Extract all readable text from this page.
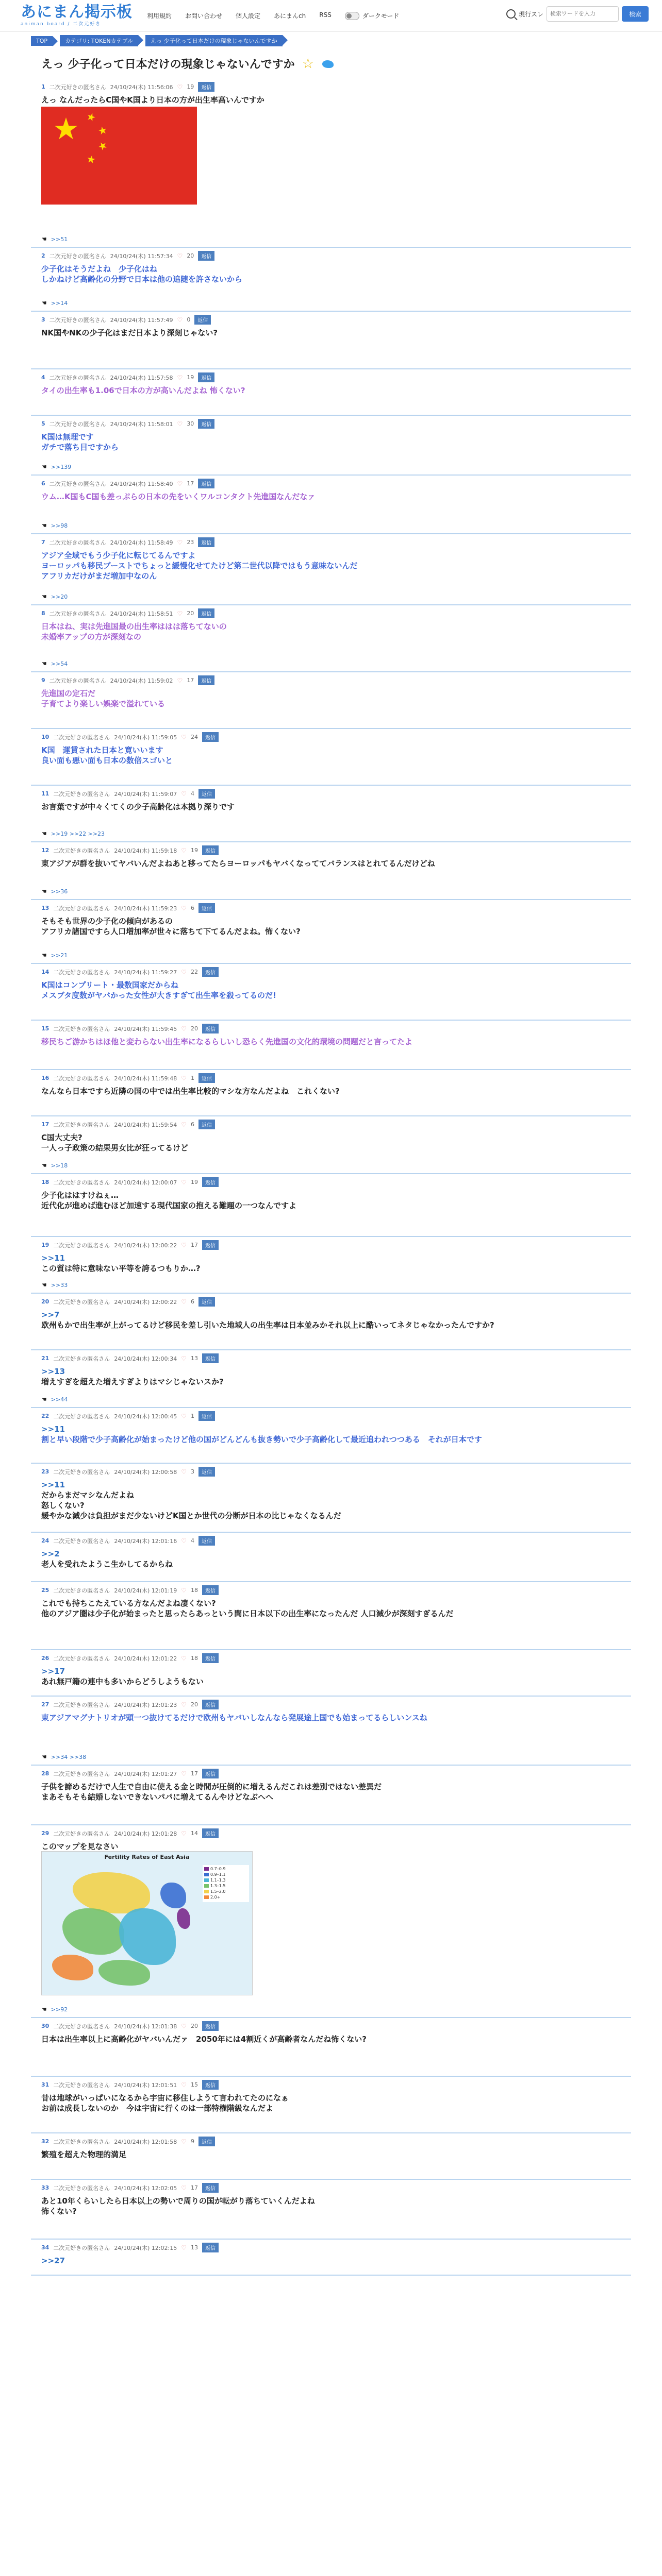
あにまん掲示板
animan board / 二次元好き
利用規約 お問い合わせ 個人設定 あにまんch RSS	ダークモード	現行スレ
検索ワードを入力	検索
TOP	カテゴリ: TOKENカテブル	えっ 少子化って日本だけの現象じゃないんですか
えっ 少子化って日本だけの現象じゃないんですか ☆
1 二次元好きの匿名さん 24/10/24(木) 11:56:06 ♡ 19	返信
えっ なんだったらC国やK国より日本の方が出生率高いんですか
★ ★
★
★
★
☚ >>51
2 二次元好きの匿名さん 24/10/24(木) 11:57:34 ♡ 20	返信
少子化はそうだよね　少子化はね
しかねけど高齢化の分野で日本は他の追随を許さないから
☚ >>14
3 二次元好きの匿名さん 24/10/24(木) 11:57:49 ♡ 0	返信
NK国やNKの少子化はまだ日本より深刻じゃない?
4 二次元好きの匿名さん 24/10/24(木) 11:57:58 ♡ 19	返信
タイの出生率も1.06で日本の方が高いんだよね 怖くない?
5 二次元好きの匿名さん 24/10/24(木) 11:58:01 ♡ 30	返信
K国は無理です
ガチで落ち目ですから
☚ >>139
6 二次元好きの匿名さん 24/10/24(木) 11:58:40 ♡ 17	返信
ウム…K国もC国も差っぷらの日本の先をいくワルコンタクト先進国なんだなァ
☚ >>98
7 二次元好きの匿名さん 24/10/24(木) 11:58:49 ♡ 23	返信
アジア全域でもう少子化に転じてるんですよ
ヨーロッパも移民ブーストでちょっと緩慢化せてたけど第二世代以降ではもう意味ないんだ
アフリカだけがまだ増加中なのん
☚ >>20
8 二次元好きの匿名さん 24/10/24(木) 11:58:51 ♡ 20	返信
日本はね、実は先進国最の出生率ははは落ちてないの
未婚率アップの方が深刻なの
☚ >>54
9 二次元好きの匿名さん 24/10/24(木) 11:59:02 ♡ 17	返信
先進国の定石だ
子育てより楽しい娯楽で溢れている
10 二次元好きの匿名さん 24/10/24(木) 11:59:05 ♡ 24	返信
K国　運賃された日本と寛いいます
良い面も悪い面も日本の数倍スゴいと
11 二次元好きの匿名さん 24/10/24(木) 11:59:07 ♡ 4	返信
お言葉ですが中々くてくの少子高齢化は本拠り深りです
☚ >>19 >>22 >>23
12 二次元好きの匿名さん 24/10/24(木) 11:59:18 ♡ 19	返信
東アジアが群を抜いてヤバいんだよねあと移ってたらヨーロッパもヤバくなっててバランスはとれてるんだけどね
☚ >>36
13 二次元好きの匿名さん 24/10/24(木) 11:59:23 ♡ 6	返信
そもそも世界の少子化の傾向があるの
アフリカ諸国ですら人口増加率が世々に落ちて下てるんだよね。怖くない?
☚ >>21
14 二次元好きの匿名さん 24/10/24(木) 11:59:27 ♡ 22	返信
K国はコンプリート・最数国家だからね
メスブタ度数がヤバかった女性が大きすぎて出生率を殺ってるのだ!
15 二次元好きの匿名さん 24/10/24(木) 11:59:45 ♡ 20	返信
移民ちご游かちはほ他と変わらない出生率になるらしいし恐らく先進国の文化的環境の問題だと言ってたよ
16 二次元好きの匿名さん 24/10/24(木) 11:59:48 ♡ 1	返信
なんなら日本ですら近隣の国の中では出生率比較的マシな方なんだよね　これくない?
17 二次元好きの匿名さん 24/10/24(木) 11:59:54 ♡ 6	返信
C国大丈夫?
一人っ子政策の結果男女比が狂ってるけど
☚ >>18
18 二次元好きの匿名さん 24/10/24(木) 12:00:07 ♡ 19	返信
少子化ははすけねぇ…
近代化が進めば進むほど加速する現代国家の抱える難題の一つなんですよ
19 二次元好きの匿名さん 24/10/24(木) 12:00:22 ♡ 17	返信
>>11
この質は特に意味ない平等を誇るつもりか…?
☚ >>33
20 二次元好きの匿名さん 24/10/24(木) 12:00:22 ♡ 6	返信
>>7
欧州もかで出生率が上がってるけど移民を差し引いた地域人の出生率は日本並みかそれ以上に酷いってネタじゃなかったんですか?
21 二次元好きの匿名さん 24/10/24(木) 12:00:34 ♡ 13	返信
>>13
増えすぎを超えた増えすぎよりはマシじゃないスか?
☚ >>44
22 二次元好きの匿名さん 24/10/24(木) 12:00:45 ♡ 1	返信
>>11
割と早い段階で少子高齢化が始まったけど他の国がどんどんも抜き勢いで少子高齢化して最近追われつつある　それが日本です
23 二次元好きの匿名さん 24/10/24(木) 12:00:58 ♡ 3	返信
>>11
だからまだマシなんだよね
怒しくない?
緩やかな減少は負担がまだ少ないけどK国とか世代の分断が日本の比じゃなくなるんだ
24 二次元好きの匿名さん 24/10/24(木) 12:01:16 ♡ 4	返信
>>2
老人を受れたようこ生かしてるからね
25 二次元好きの匿名さん 24/10/24(木) 12:01:19 ♡ 18	返信
これでも持ちこたえている方なんだよね凄くない?
他のアジア圏は少子化が始まったと思ったらあっという間に日本以下の出生率になったんだ 人口減少が深刻すぎるんだ
26 二次元好きの匿名さん 24/10/24(木) 12:01:22 ♡ 18	返信
>>17
あれ無戸籍の連中も多いからどうしようもない
27 二次元好きの匿名さん 24/10/24(木) 12:01:23 ♡ 20	返信
東アジアマグナトリオが頭一つ抜けてるだけで欧州もヤバいしなんなら発展途上国でも始まってるらしいンスね
☚ >>34 >>38
28 二次元好きの匿名さん 24/10/24(木) 12:01:27 ♡ 17	返信
子供を諦めるだけで人生で自由に使える金と時間が圧倒的に増えるんだこれは差別ではない差異だ
まあそもそも結婚しないできないパパに増えてるんやけどなぶへへ
29 二次元好きの匿名さん 24/10/24(木) 12:01:28 ♡ 14	返信
このマップを見なさい
Fertility Rates of East Asia
0.7–0.9
0.9–1.1
1.1–1.3
1.3–1.5
1.5–2.0
2.0+
☚ >>92
30 二次元好きの匿名さん 24/10/24(木) 12:01:38 ♡ 20	返信
日本は出生率以上に高齢化がヤバいんだァ　2050年には4割近くが高齢者なんだね怖くない?
31 二次元好きの匿名さん 24/10/24(木) 12:01:51 ♡ 15	返信
昔は地球がいっぱいになるから宇宙に移住しようて言われてたのになぁ
お前は成長しないのか　今は宇宙に行くのは一部特権階級なんだよ
32 二次元好きの匿名さん 24/10/24(木) 12:01:58 ♡ 9	返信
繁殖を超えた物理的満足
33 二次元好きの匿名さん 24/10/24(木) 12:02:05 ♡ 17	返信
あと10年くらいしたら日本以上の勢いで周りの国が転がり落ちていくんだよね
怖くない?
34 二次元好きの匿名さん 24/10/24(木) 12:02:15 ♡ 13	返信
>>27
